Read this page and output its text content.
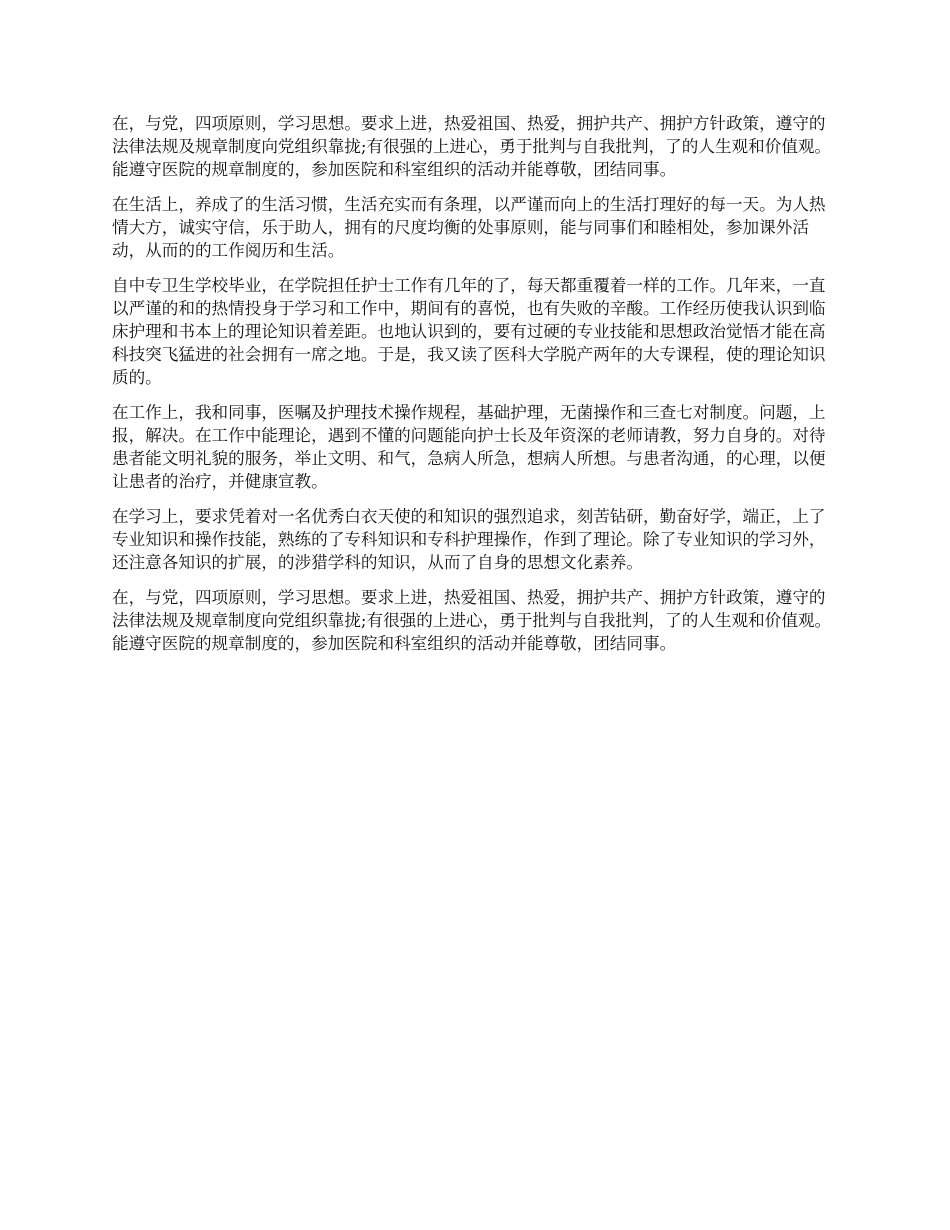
在，与党，四项原则，学习思想。要求上进，热爱祖国、热爱，拥护共产、拥护方针政策，遵守的法律法规及规章制度向党组织靠拢;有很强的上进心，勇于批判与自我批判，了的人生观和价值观。能遵守医院的规章制度的，参加医院和科室组织的活动并能尊敬，团结同事。

在生活上，养成了的生活习惯，生活充实而有条理，以严谨而向上的生活打理好的每一天。为人热情大方，诚实守信，乐于助人，拥有的尺度均衡的处事原则，能与同事们和睦相处，参加课外活动，从而的的工作阅历和生活。

自中专卫生学校毕业，在学院担任护士工作有几年的了，每天都重覆着一样的工作。几年来，一直以严谨的和的热情投身于学习和工作中，期间有的喜悦，也有失败的辛酸。工作经历使我认识到临床护理和书本上的理论知识着差距。也地认识到的，要有过硬的专业技能和思想政治觉悟才能在高科技突飞猛进的社会拥有一席之地。于是，我又读了医科大学脱产两年的大专课程，使的理论知识质的。

在工作上，我和同事，医嘱及护理技术操作规程，基础护理，无菌操作和三查七对制度。问题，上报，解决。在工作中能理论，遇到不懂的问题能向护士长及年资深的老师请教，努力自身的。对待患者能文明礼貌的服务，举止文明、和气，急病人所急，想病人所想。与患者沟通，的心理，以便让患者的治疗，并健康宣教。

在学习上，要求凭着对一名优秀白衣天使的和知识的强烈追求，刻苦钻研，勤奋好学，端正，上了专业知识和操作技能，熟练的了专科知识和专科护理操作，作到了理论。除了专业知识的学习外，还注意各知识的扩展，的涉猎学科的知识，从而了自身的思想文化素养。

在，与党，四项原则，学习思想。要求上进，热爱祖国、热爱，拥护共产、拥护方针政策，遵守的法律法规及规章制度向党组织靠拢;有很强的上进心，勇于批判与自我批判，了的人生观和价值观。能遵守医院的规章制度的，参加医院和科室组织的活动并能尊敬，团结同事。
